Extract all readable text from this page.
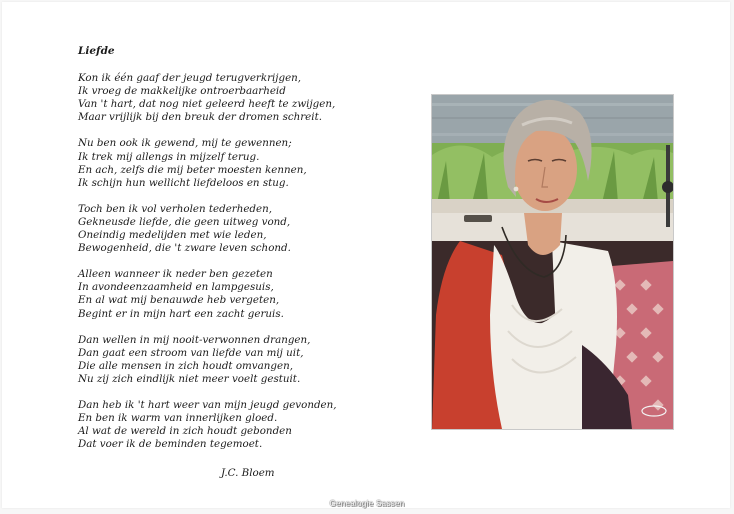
Liefde
Kon ik één gaaf der jeugd terugverkrijgen,
Ik vroeg de makkelijke ontroerbaarheid
Van 't hart, dat nog niet geleerd heeft te zwijgen,
Maar vrijlijk bij den breuk der dromen schreit.
Nu ben ook ik gewend, mij te gewennen;
Ik trek mij allengs in mijzelf terug.
En ach, zelfs die mij beter moesten kennen,
Ik schijn hun wellicht liefdeloos en stug.
Toch ben ik vol verholen tederheden,
Gekneusde liefde, die geen uitweg vond,
Oneindig medelijden met wie leden,
Bewogenheid, die 't zware leven schond.
Alleen wanneer ik neder ben gezeten
In avondeenzaamheid en lampgesuis,
En al wat mij benauwde heb vergeten,
Begint er in mijn hart een zacht geruis.
Dan wellen in mij nooit-verwonnen drangen,
Dan gaat een stroom van liefde van mij uit,
Die alle mensen in zich houdt omvangen,
Nu zij zich eindlijk niet meer voelt gestuit.
Dan heb ik 't hart weer van mijn jeugd gevonden,
En ben ik warm van innerlijken gloed.
Al wat de wereld in zich houdt gebonden
Dat voer ik de beminden tegemoet.
J.C. Bloem
Genealogie Sassen
